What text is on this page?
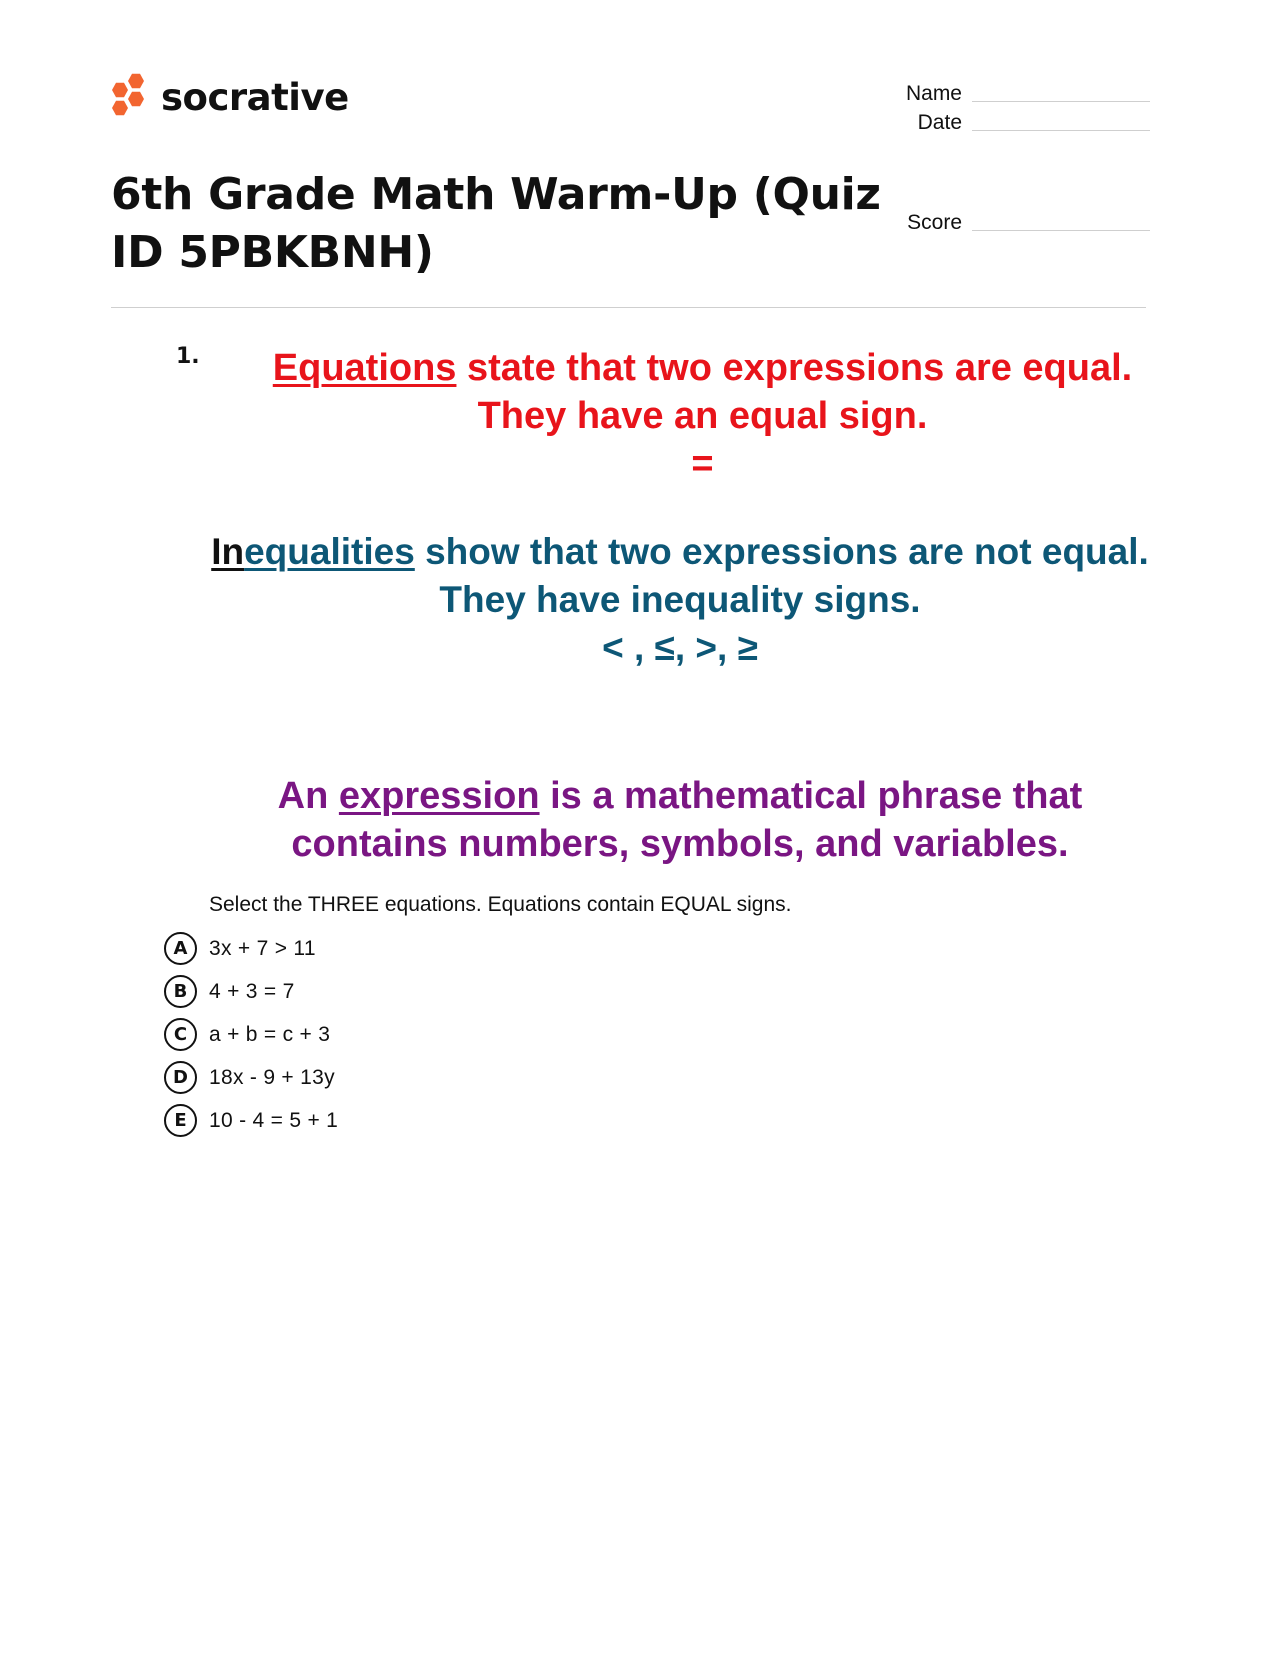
socrative	Name
Date
Score
6th Grade Math Warm-Up (Quiz ID 5PBKBNH)
1.	Equations state that two expressions are equal.
They have an equal sign.
=
Inequalities show that two expressions are not equal.
They have inequality signs.
< , ≤, >, ≥
An expression is a mathematical phrase that
contains numbers, symbols, and variables.
Select the THREE equations. Equations contain EQUAL signs.
A	3x + 7 > 11
B	4 + 3 = 7
C	a + b = c + 3
D	18x - 9 + 13y
E	10 - 4 = 5 + 1
